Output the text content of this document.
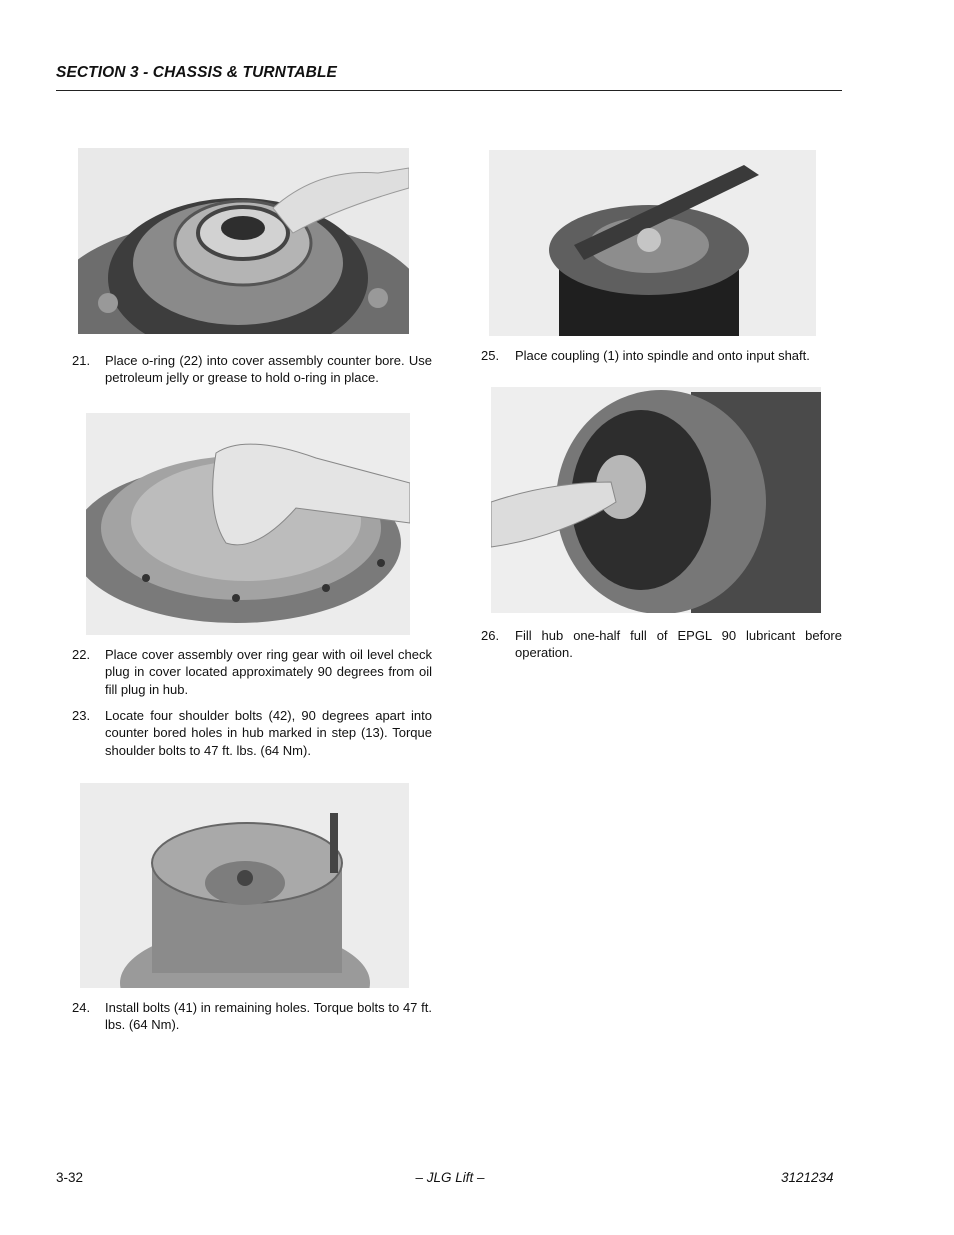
SECTION 3 - CHASSIS & TURNTABLE
21. Place o-ring (22) into cover assembly counter bore. Use petroleum jelly or grease to hold o-ring in place.
22. Place cover assembly over ring gear with oil level check plug in cover located approximately 90 degrees from oil fill plug in hub.
23. Locate four shoulder bolts (42), 90 degrees apart into counter bored holes in hub marked in step (13). Torque shoulder bolts to 47 ft. lbs. (64 Nm).
24. Install bolts (41) in remaining holes. Torque bolts to 47 ft. lbs. (64 Nm).
25. Place coupling (1) into spindle and onto input shaft.
26. Fill hub one-half full of EPGL 90 lubricant before operation.
3-32	– JLG Lift –	3121234
